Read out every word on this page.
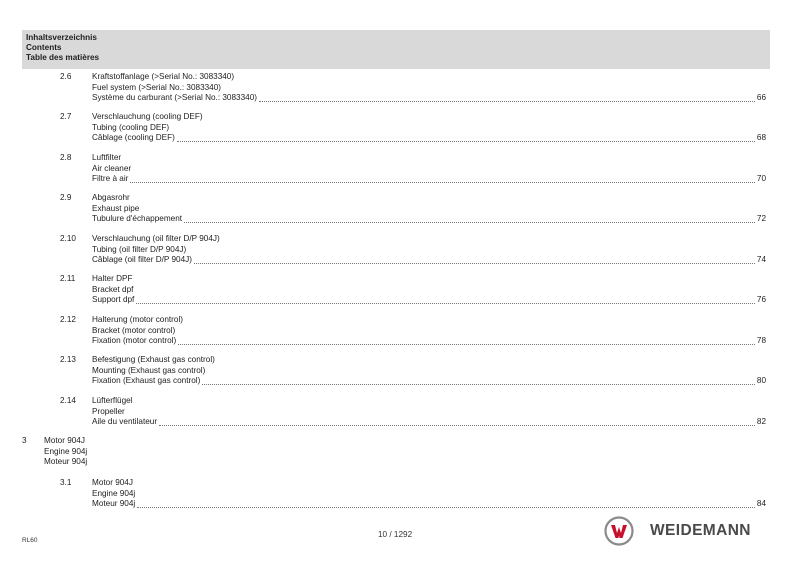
Inhaltsverzeichnis
Contents
Table des matières
2.6	Kraftstoffanlage (>Serial No.: 3083340)
Fuel system (>Serial No.: 3083340)
Système du carburant (>Serial No.: 3083340)	66
2.7	Verschlauchung (cooling DEF)
Tubing (cooling DEF)
Câblage (cooling DEF)	68
2.8	Luftfilter
Air cleaner
Filtre à air	70
2.9	Abgasrohr
Exhaust pipe
Tubulure d'échappement	72
2.10 Verschlauchung (oil filter D/P 904J)
Tubing (oil filter D/P 904J)
Câblage (oil filter D/P 904J)	74
2.11 Halter DPF
Bracket dpf
Support dpf	76
2.12 Halterung (motor control)
Bracket (motor control)
Fixation (motor control)	78
2.13 Befestigung (Exhaust gas control)
Mounting (Exhaust gas control)
Fixation (Exhaust gas control)	80
2.14 Lüfterflügel
Propeller
Aile du ventilateur	82
3 Motor 904J
Engine 904j
Moteur 904j
3.1	Motor 904J
Engine 904j
Moteur 904j	84
RL60
10 / 1292	WEIDEMANN
